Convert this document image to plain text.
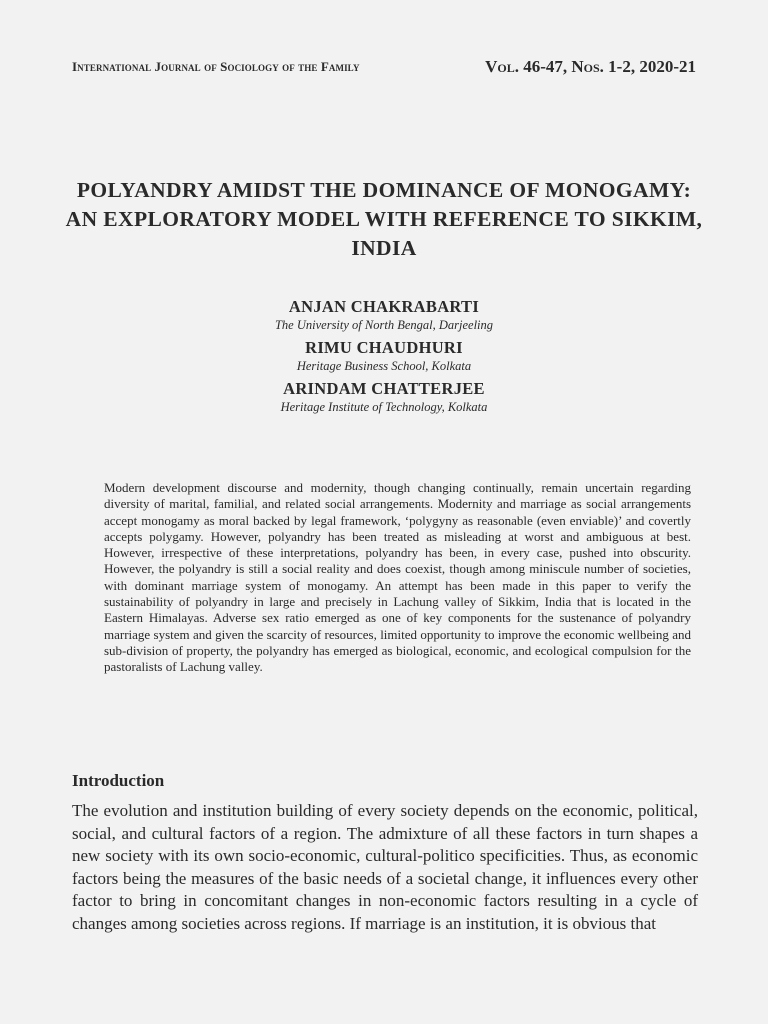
International Journal of Sociology of the Family	Vol. 46-47, Nos. 1-2, 2020-21
POLYANDRY AMIDST THE DOMINANCE OF MONOGAMY: AN EXPLORATORY MODEL WITH REFERENCE TO SIKKIM, INDIA
ANJAN CHAKRABARTI
The University of North Bengal, Darjeeling
RIMU CHAUDHURI
Heritage Business School, Kolkata
ARINDAM CHATTERJEE
Heritage Institute of Technology, Kolkata

Modern development discourse and modernity, though changing continually, remain uncertain regarding diversity of marital, familial, and related social arrangements. Modernity and marriage as social arrangements accept monogamy as moral backed by legal framework, ‘polygyny as reasonable (even enviable)’ and covertly accepts polygamy. However, polyandry has been treated as misleading at worst and ambiguous at best. However, irrespective of these interpretations, polyandry has been, in every case, pushed into obscurity. However, the polyandry is still a social reality and does coexist, though among miniscule number of societies, with dominant marriage system of monogamy. An attempt has been made in this paper to verify the sustainability of polyandry in large and precisely in Lachung valley of Sikkim, India that is located in the Eastern Himalayas. Adverse sex ratio emerged as one of key components for the sustenance of polyandry marriage system and given the scarcity of resources, limited opportunity to improve the economic wellbeing and sub-division of property, the polyandry has emerged as biological, economic, and ecological compulsion for the pastoralists of Lachung valley.

Introduction

The evolution and institution building of every society depends on the economic, political, social, and cultural factors of a region. The admixture of all these factors in turn shapes a new society with its own socio-economic, cultural-politico specificities. Thus, as economic factors being the measures of the basic needs of a societal change, it influences every other factor to bring in concomitant changes in non-economic factors resulting in a cycle of changes among societies across regions. If marriage is an institution, it is obvious that
